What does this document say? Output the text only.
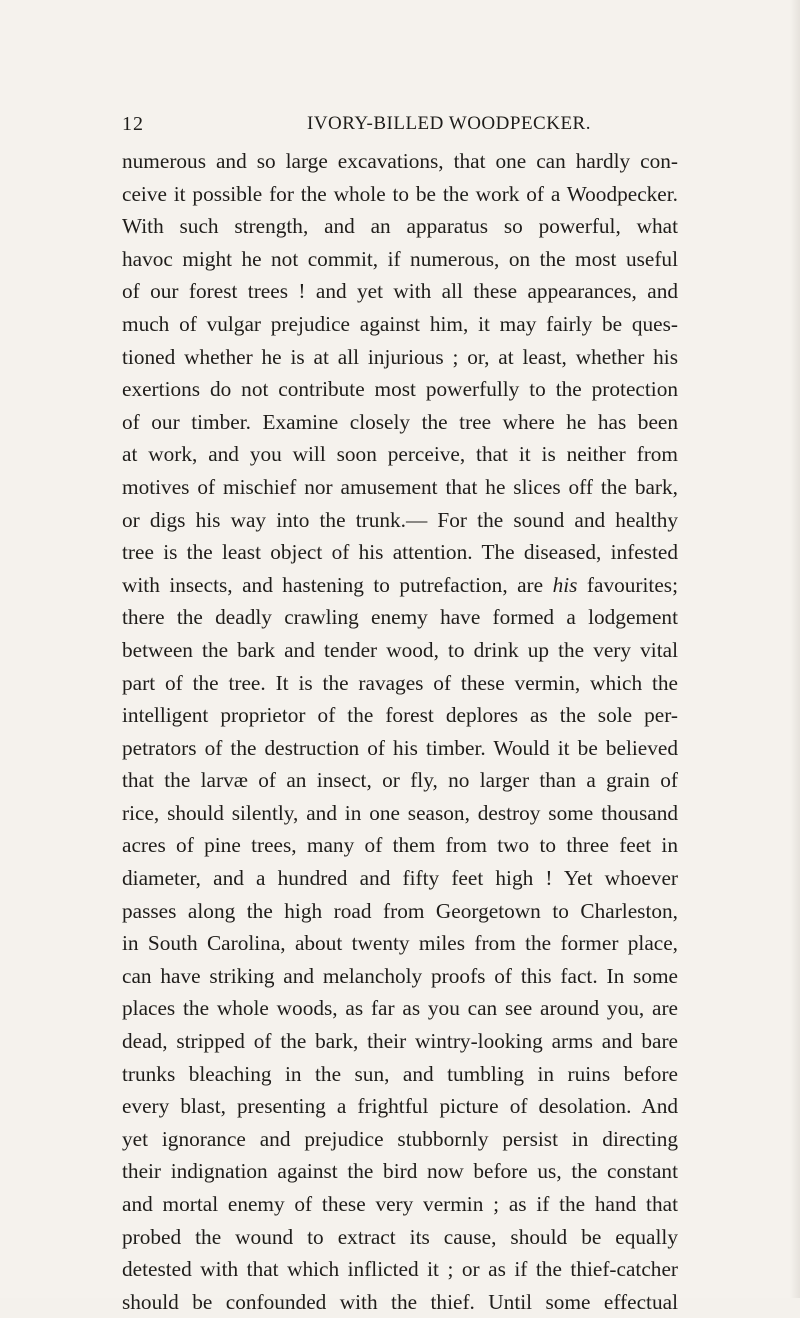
12	IVORY-BILLED WOODPECKER.
numerous and so large excavations, that one can hardly con-
ceive it possible for the whole to be the work of a Woodpecker.
With such strength, and an apparatus so powerful, what
havoc might he not commit, if numerous, on the most useful
of our forest trees ! and yet with all these appearances, and
much of vulgar prejudice against him, it may fairly be ques-
tioned whether he is at all injurious ; or, at least, whether his
exertions do not contribute most powerfully to the protection
of our timber. Examine closely the tree where he has been
at work, and you will soon perceive, that it is neither from
motives of mischief nor amusement that he slices off the bark,
or digs his way into the trunk.— For the sound and healthy
tree is the least object of his attention. The diseased, infested
with insects, and hastening to putrefaction, are his favourites;
there the deadly crawling enemy have formed a lodgement
between the bark and tender wood, to drink up the very vital
part of the tree. It is the ravages of these vermin, which the
intelligent proprietor of the forest deplores as the sole per-
petrators of the destruction of his timber. Would it be believed
that the larvæ of an insect, or fly, no larger than a grain of
rice, should silently, and in one season, destroy some thousand
acres of pine trees, many of them from two to three feet in
diameter, and a hundred and fifty feet high ! Yet whoever
passes along the high road from Georgetown to Charleston,
in South Carolina, about twenty miles from the former place,
can have striking and melancholy proofs of this fact. In some
places the whole woods, as far as you can see around you, are
dead, stripped of the bark, their wintry-looking arms and bare
trunks bleaching in the sun, and tumbling in ruins before
every blast, presenting a frightful picture of desolation. And
yet ignorance and prejudice stubbornly persist in directing
their indignation against the bird now before us, the constant
and mortal enemy of these very vermin ; as if the hand that
probed the wound to extract its cause, should be equally
detested with that which inflicted it ; or as if the thief-catcher
should be confounded with the thief. Until some effectual
